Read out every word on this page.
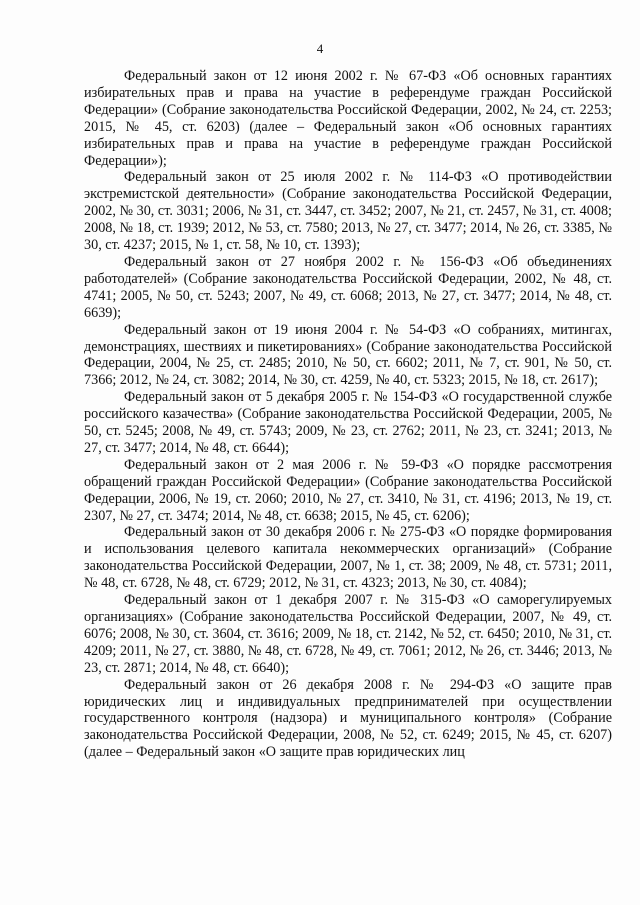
4

Федеральный закон от 12 июня 2002 г. № 67-ФЗ «Об основных гарантиях избирательных прав и права на участие в референдуме граждан Российской Федерации» (Собрание законодательства Российской Федерации, 2002, № 24, ст. 2253; 2015, № 45, ст. 6203) (далее – Федеральный закон «Об основных гарантиях избирательных прав и права на участие в референдуме граждан Российской Федерации»);

Федеральный закон от 25 июля 2002 г. № 114-ФЗ «О противодействии экстремистской деятельности» (Собрание законодательства Российской Федерации, 2002, № 30, ст. 3031; 2006, № 31, ст. 3447, ст. 3452; 2007, № 21, ст. 2457, № 31, ст. 4008; 2008, № 18, ст. 1939; 2012, № 53, ст. 7580; 2013, № 27, ст. 3477; 2014, № 26, ст. 3385, № 30, ст. 4237; 2015, № 1, ст. 58, № 10, ст. 1393);

Федеральный закон от 27 ноября 2002 г. № 156-ФЗ «Об объединениях работодателей» (Собрание законодательства Российской Федерации, 2002, № 48, ст. 4741; 2005, № 50, ст. 5243; 2007, № 49, ст. 6068; 2013, № 27, ст. 3477; 2014, № 48, ст. 6639);

Федеральный закон от 19 июня 2004 г. № 54-ФЗ «О собраниях, митингах, демонстрациях, шествиях и пикетированиях» (Собрание законодательства Российской Федерации, 2004, № 25, ст. 2485; 2010, № 50, ст. 6602; 2011, № 7, ст. 901, № 50, ст. 7366; 2012, № 24, ст. 3082; 2014, № 30, ст. 4259, № 40, ст. 5323; 2015, № 18, ст. 2617);

Федеральный закон от 5 декабря 2005 г. № 154-ФЗ «О государственной службе российского казачества» (Собрание законодательства Российской Федерации, 2005, № 50, ст. 5245; 2008, № 49, ст. 5743; 2009, № 23, ст. 2762; 2011, № 23, ст. 3241; 2013, № 27, ст. 3477; 2014, № 48, ст. 6644);

Федеральный закон от 2 мая 2006 г. № 59-ФЗ «О порядке рассмотрения обращений граждан Российской Федерации» (Собрание законодательства Российской Федерации, 2006, № 19, ст. 2060; 2010, № 27, ст. 3410, № 31, ст. 4196; 2013, № 19, ст. 2307, № 27, ст. 3474; 2014, № 48, ст. 6638; 2015, № 45, ст. 6206);

Федеральный закон от 30 декабря 2006 г. № 275-ФЗ «О порядке формирования и использования целевого капитала некоммерческих организаций» (Собрание законодательства Российской Федерации, 2007, № 1, ст. 38; 2009, № 48, ст. 5731; 2011, № 48, ст. 6728, № 48, ст. 6729; 2012, № 31, ст. 4323; 2013, № 30, ст. 4084);

Федеральный закон от 1 декабря 2007 г. № 315-ФЗ «О саморегулируемых организациях» (Собрание законодательства Российской Федерации, 2007, № 49, ст. 6076; 2008, № 30, ст. 3604, ст. 3616; 2009, № 18, ст. 2142, № 52, ст. 6450; 2010, № 31, ст. 4209; 2011, № 27, ст. 3880, № 48, ст. 6728, № 49, ст. 7061; 2012, № 26, ст. 3446; 2013, № 23, ст. 2871; 2014, № 48, ст. 6640);

Федеральный закон от 26 декабря 2008 г. № 294-ФЗ «О защите прав юридических лиц и индивидуальных предпринимателей при осуществлении государственного контроля (надзора) и муниципального контроля» (Собрание законодательства Российской Федерации, 2008, № 52, ст. 6249; 2015, № 45, ст. 6207) (далее – Федеральный закон «О защите прав юридических лиц
